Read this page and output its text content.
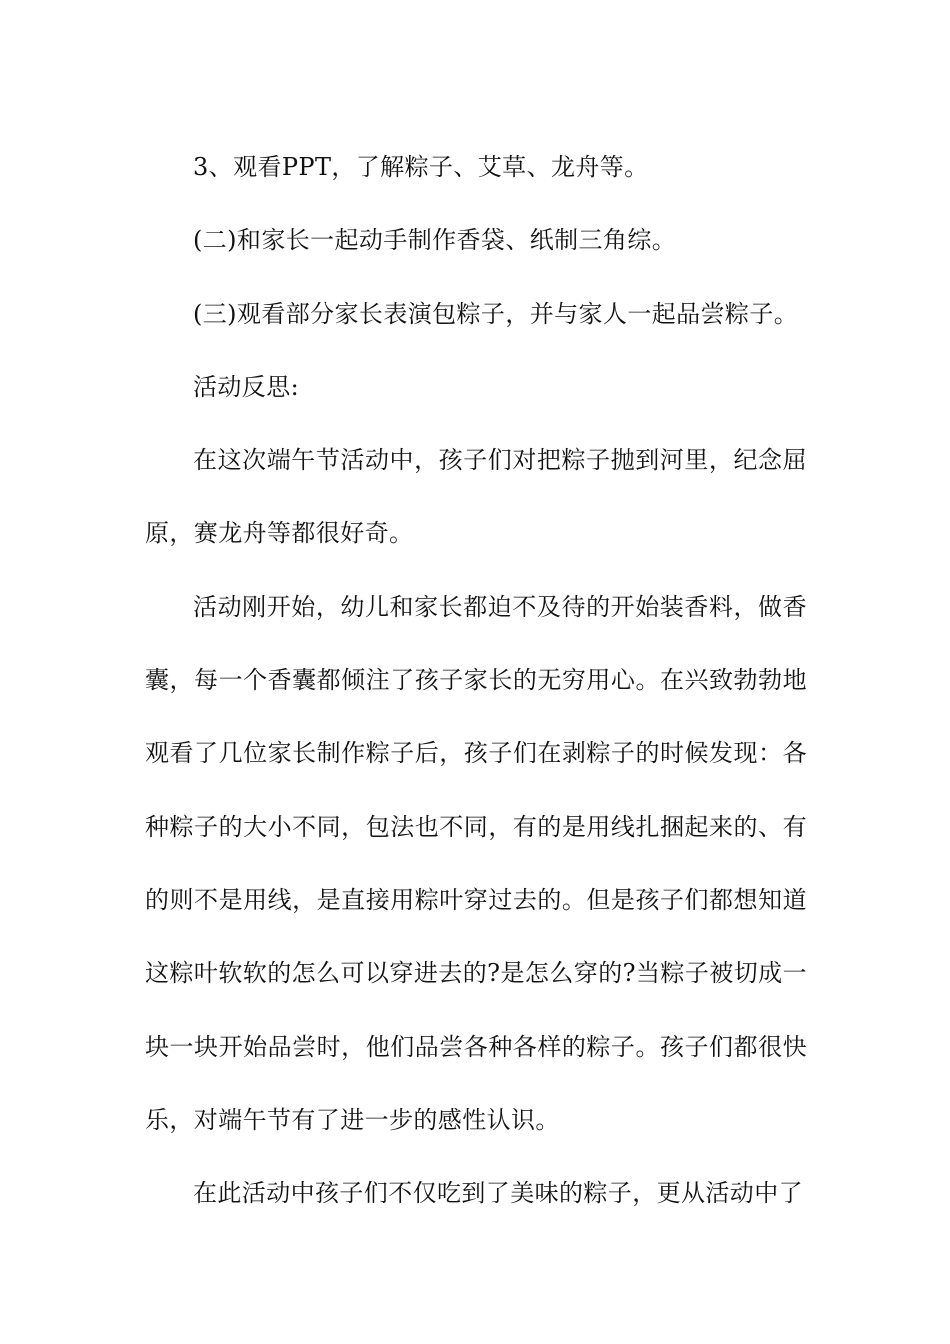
3、观看PPT，了解粽子、艾草、龙舟等。

(二)和家长一起动手制作香袋、纸制三角综。

(三)观看部分家长表演包粽子，并与家人一起品尝粽子。

活动反思:

在这次端午节活动中，孩子们对把粽子抛到河里，纪念屈原，赛龙舟等都很好奇。

活动刚开始，幼儿和家长都迫不及待的开始装香料，做香囊，每一个香囊都倾注了孩子家长的无穷用心。在兴致勃勃地观看了几位家长制作粽子后，孩子们在剥粽子的时候发现：各种粽子的大小不同，包法也不同，有的是用线扎捆起来的、有的则不是用线，是直接用粽叶穿过去的。但是孩子们都想知道这粽叶软软的怎么可以穿进去的?是怎么穿的?当粽子被切成一块一块开始品尝时，他们品尝各种各样的粽子。孩子们都很快乐，对端午节有了进一步的感性认识。

在此活动中孩子们不仅吃到了美味的粽子，更从活动中了
